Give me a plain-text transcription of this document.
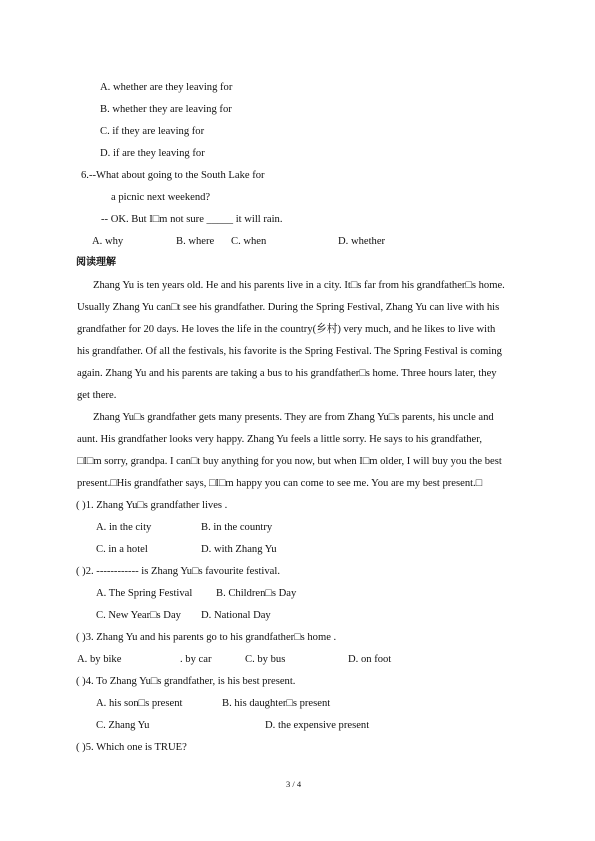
A. whether are they leaving for
B. whether they are leaving for
C. if they are leaving for
D. if are they leaving for
6.--What about going to the South Lake for
a picnic next weekend?
-- OK. But I□m not sure _____ it will rain.
A. why	B. where C. when	D. whether
阅读理解
Zhang Yu is ten years old. He and his parents live in a city. It□s far from his grandfather□s home.
Usually Zhang Yu can□t see his grandfather. During the Spring Festival, Zhang Yu can live with his
grandfather for 20 days. He loves the life in the country(乡村) very much, and he likes to live with
his grandfather. Of all the festivals, his favorite is the Spring Festival. The Spring Festival is coming
again. Zhang Yu and his parents are taking a bus to his grandfather□s home. Three hours later, they
get there.
Zhang Yu□s grandfather gets many presents. They are from Zhang Yu□s parents, his uncle and
aunt. His grandfather looks very happy. Zhang Yu feels a little sorry. He says to his grandfather,
□I□m sorry, grandpa. I can□t buy anything for you now, but when I□m older, I will buy you the best
present.□His grandfather says, □I□m happy you can come to see me. You are my best present.□
( )1. Zhang Yu□s grandfather lives .
A. in the city	B. in the country
C. in a hotel	D. with Zhang Yu
( )2. ------------ is Zhang Yu□s favourite festival.
A. The Spring Festival B. Children□s Day
C. New Year□s Day D. National Day
( )3. Zhang Yu and his parents go to his grandfather□s home .
A. by bike	. by car	C. by bus	D. on foot
( )4. To Zhang Yu□s grandfather, is his best present.
A. his son□s present	B. his daughter□s present
C. Zhang Yu	D. the expensive present
( )5. Which one is TRUE?
3 / 4
